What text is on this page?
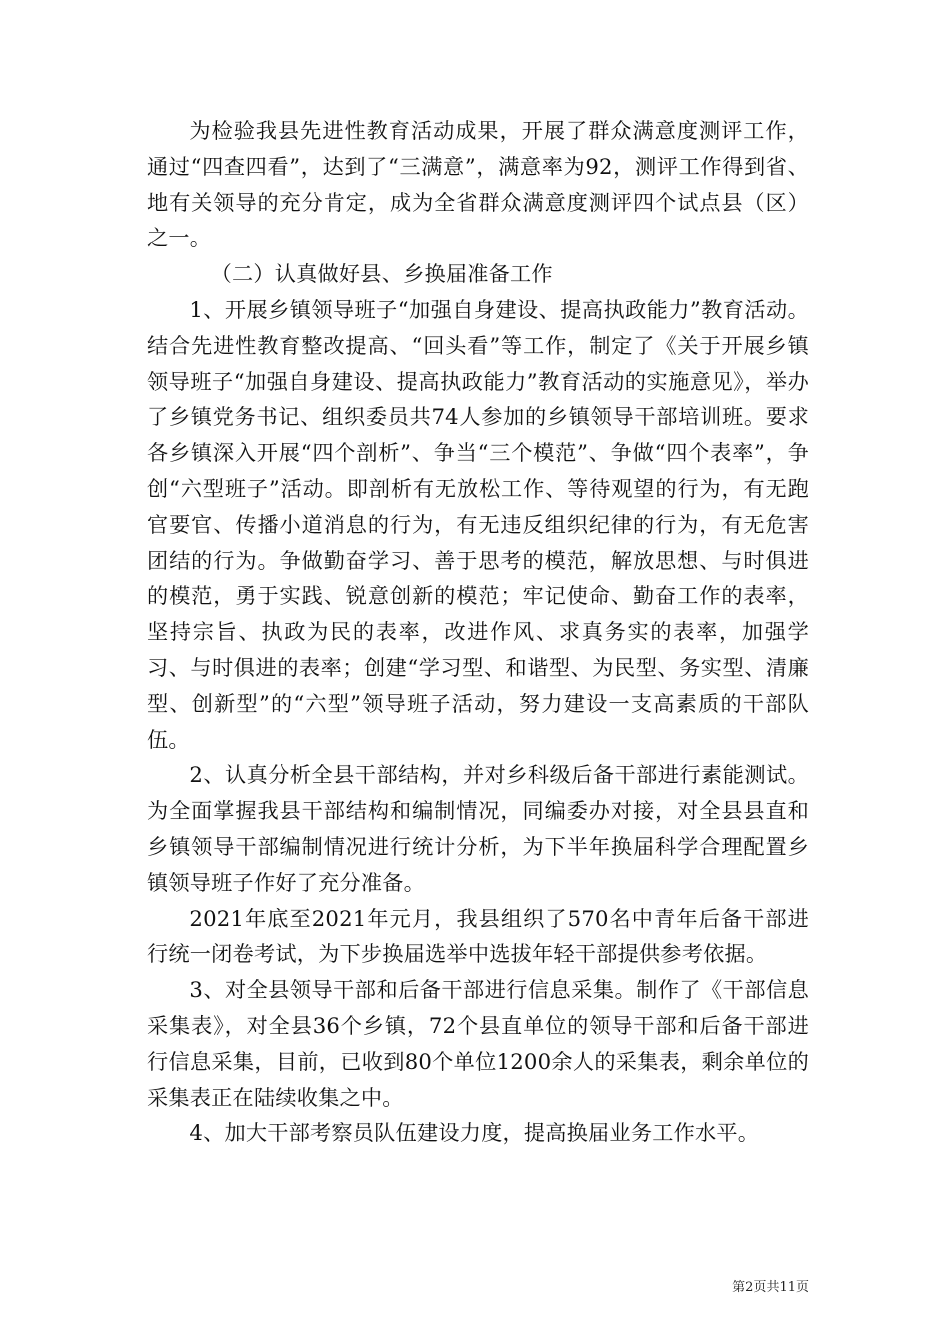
为检验我县先进性教育活动成果，开展了群众满意度测评工作，通过“四查四看”，达到了“三满意”，满意率为92，测评工作得到省、地有关领导的充分肯定，成为全省群众满意度测评四个试点县（区）之一。

（二）认真做好县、乡换届准备工作

1、开展乡镇领导班子“加强自身建设、提高执政能力”教育活动。结合先进性教育整改提高、“回头看”等工作，制定了《关于开展乡镇领导班子“加强自身建设、提高执政能力”教育活动的实施意见》，举办了乡镇党务书记、组织委员共74人参加的乡镇领导干部培训班。要求各乡镇深入开展“四个剖析”、争当“三个模范”、争做“四个表率”，争创“六型班子”活动。即剖析有无放松工作、等待观望的行为，有无跑官要官、传播小道消息的行为，有无违反组织纪律的行为，有无危害团结的行为。争做勤奋学习、善于思考的模范，解放思想、与时俱进的模范，勇于实践、锐意创新的模范；牢记使命、勤奋工作的表率，坚持宗旨、执政为民的表率，改进作风、求真务实的表率，加强学习、与时俱进的表率；创建“学习型、和谐型、为民型、务实型、清廉型、创新型”的“六型”领导班子活动，努力建设一支高素质的干部队伍。

2、认真分析全县干部结构，并对乡科级后备干部进行素能测试。为全面掌握我县干部结构和编制情况，同编委办对接，对全县县直和乡镇领导干部编制情况进行统计分析，为下半年换届科学合理配置乡镇领导班子作好了充分准备。

2021年底至2021年元月，我县组织了570名中青年后备干部进行统一闭卷考试，为下步换届选举中选拔年轻干部提供参考依据。

3、对全县领导干部和后备干部进行信息采集。制作了《干部信息采集表》，对全县36个乡镇，72个县直单位的领导干部和后备干部进行信息采集，目前，已收到80个单位1200余人的采集表，剩余单位的采集表正在陆续收集之中。

4、加大干部考察员队伍建设力度，提高换届业务工作水平。

第2页共11页
